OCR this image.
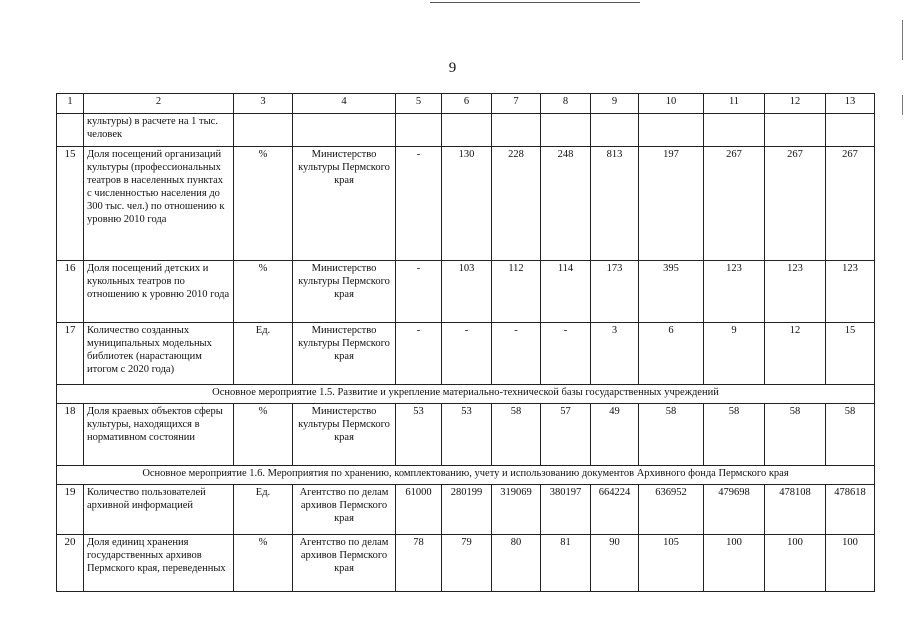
9
1	2	3	4	5	6	7	8	9	10	11	12	13
	культуры) в расчете на 1 тыс. человек											
15	Доля посещений организаций культуры (профессиональных театров в населенных пунктах с численностью населения до 300 тыс. чел.) по отношению к уровню 2010 года	%	Министерство культуры Пермского края	-	130	228	248	813	197	267	267	267
16	Доля посещений детских и кукольных театров по отношению к уровню 2010 года	%	Министерство культуры Пермского края	-	103	112	114	173	395	123	123	123
17	Количество созданных муниципальных модельных библиотек (нарастающим итогом с 2020 года)	Ед.	Министерство культуры Пермского края	-	-	-	-	3	6	9	12	15
Основное мероприятие 1.5. Развитие и укрепление материально-технической базы государственных учреждений												
18	Доля краевых объектов сферы культуры, находящихся в нормативном состоянии	%	Министерство культуры Пермского края	53	53	58	57	49	58	58	58	58
Основное мероприятие 1.6. Мероприятия по хранению, комплектованию, учету и использованию документов Архивного фонда Пермского края												
19	Количество пользователей архивной информацией	Ед.	Агентство по делам архивов Пермского края	61000	280199	319069	380197	664224	636952	479698	478108	478618
20	Доля единиц хранения государственных архивов Пермского края, переведенных	%	Агентство по делам архивов Пермского края	78	79	80	81	90	105	100	100	100
